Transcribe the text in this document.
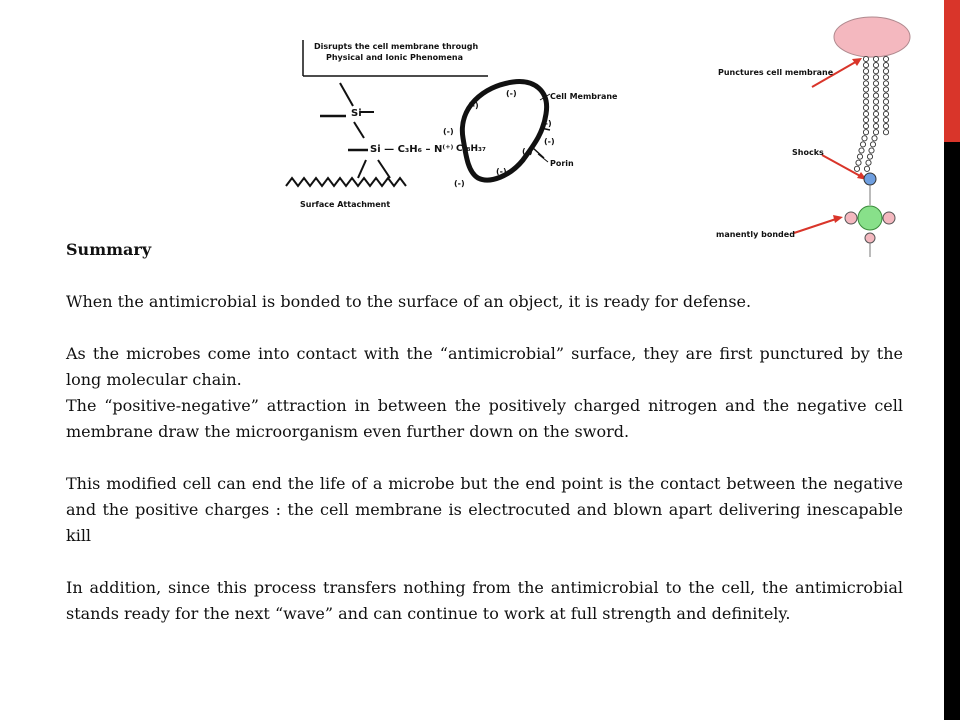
Disrupts the cell membrane through
Physical and Ionic Phenomena
Si
Si — C₃H₆ – N⁽⁺⁾ C₁₈H₃₇
Surface Attachment
Cell Membrane
Porin
(-)
(-)
(-)
(-)
(-)
(-)
(-)
(-)
Punctures cell membrane
Shocks
manently bonded

Summary

When the antimicrobial is bonded to the surface of an object, it is ready for defense.

As the microbes come into contact with the “antimicrobial” surface, they are first punctured by the long molecular chain.

The “positive-negative” attraction in between the positively charged nitrogen and the negative cell membrane draw the microorganism even further down on the sword.

This modified cell can end the life of a microbe but the end point is the contact between the negative and the positive charges : the cell membrane is electrocuted and blown apart delivering inescapable kill

In addition, since this process transfers nothing from the antimicrobial to the cell, the antimicrobial stands ready for the next “wave” and can continue to work at full strength and definitely.
